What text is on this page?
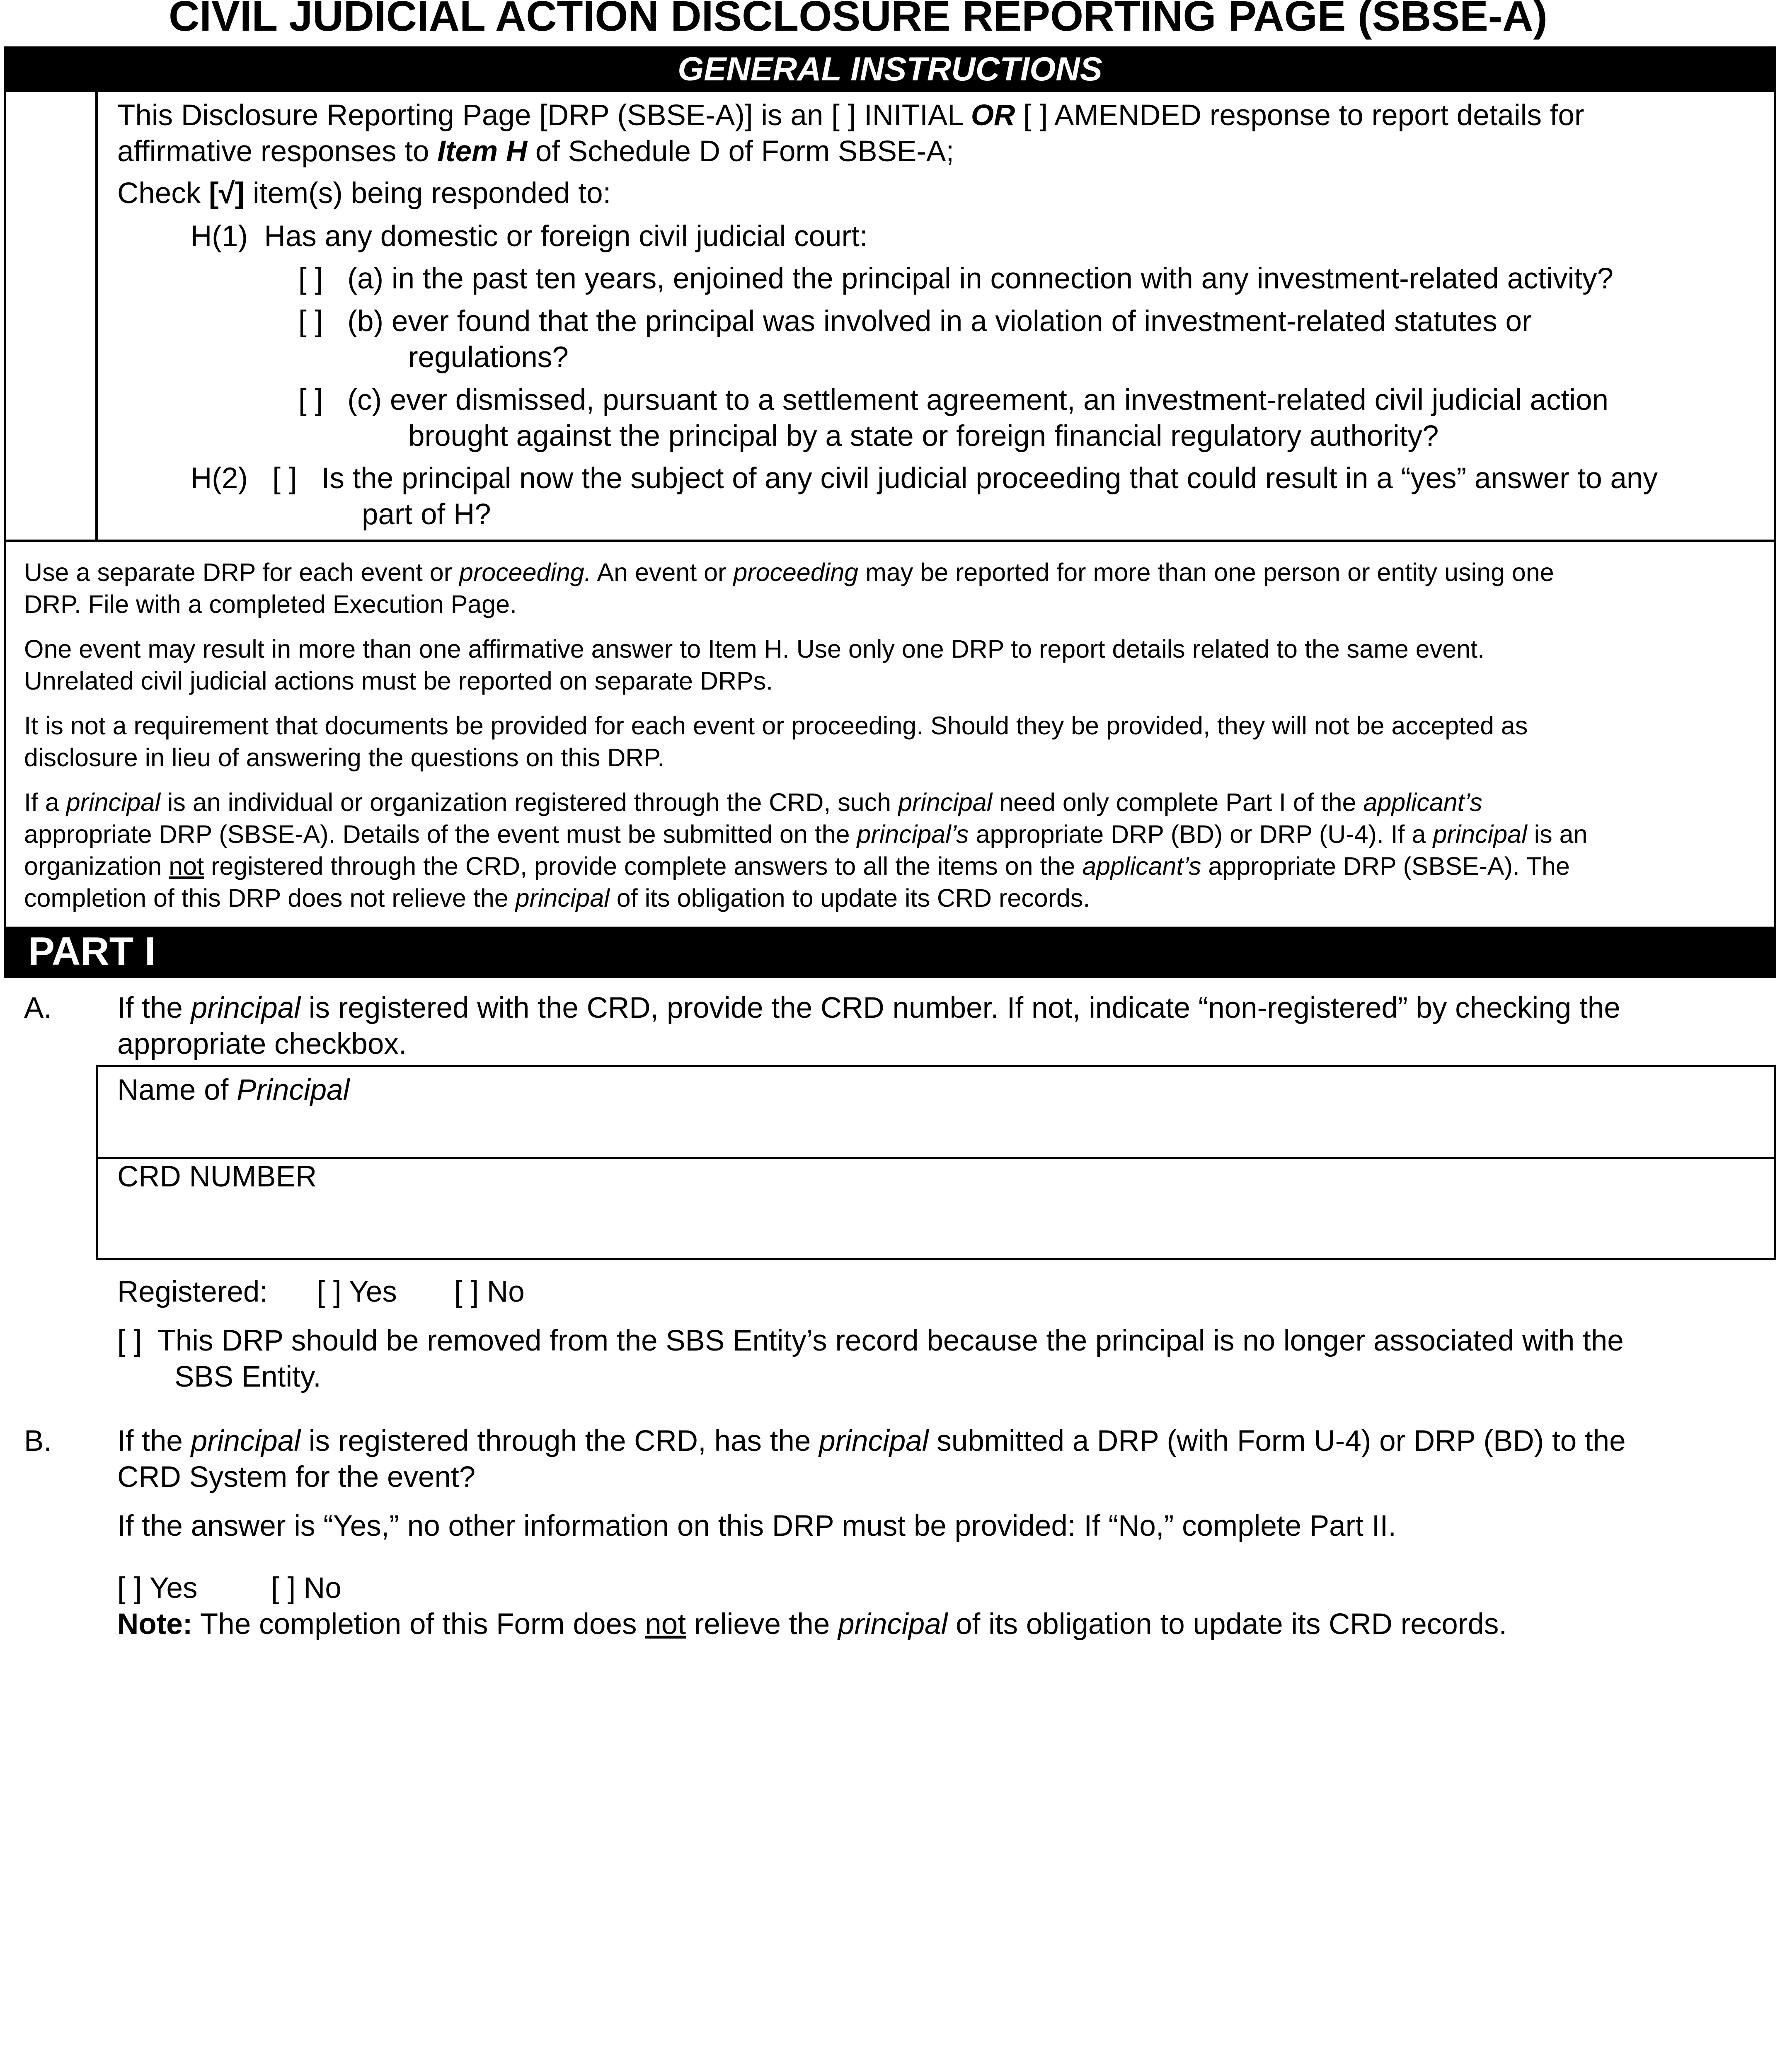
CIVIL JUDICIAL ACTION DISCLOSURE REPORTING PAGE (SBSE-A)
GENERAL INSTRUCTIONS
This Disclosure Reporting Page [DRP (SBSE-A)] is an [ ] INITIAL OR [ ] AMENDED response to report details for
affirmative responses to Item H of Schedule D of Form SBSE-A;
Check [√] item(s) being responded to:
H(1) Has any domestic or foreign civil judicial court:
[ ] (a) in the past ten years, enjoined the principal in connection with any investment-related activity?
[ ] (b) ever found that the principal was involved in a violation of investment-related statutes or
regulations?
[ ] (c) ever dismissed, pursuant to a settlement agreement, an investment-related civil judicial action
brought against the principal by a state or foreign financial regulatory authority?
H(2) [ ] Is the principal now the subject of any civil judicial proceeding that could result in a “yes” answer to any
part of H?
Use a separate DRP for each event or proceeding. An event or proceeding may be reported for more than one person or entity using one
DRP. File with a completed Execution Page.
One event may result in more than one affirmative answer to Item H. Use only one DRP to report details related to the same event.
Unrelated civil judicial actions must be reported on separate DRPs.
It is not a requirement that documents be provided for each event or proceeding. Should they be provided, they will not be accepted as
disclosure in lieu of answering the questions on this DRP.
If a principal is an individual or organization registered through the CRD, such principal need only complete Part I of the applicant’s
appropriate DRP (SBSE-A). Details of the event must be submitted on the principal’s appropriate DRP (BD) or DRP (U-4). If a principal is an
organization not registered through the CRD, provide complete answers to all the items on the applicant’s appropriate DRP (SBSE-A). The
completion of this DRP does not relieve the principal of its obligation to update its CRD records.
PART I
A. If the principal is registered with the CRD, provide the CRD number. If not, indicate “non-registered” by checking the
appropriate checkbox.
Name of Principal
CRD NUMBER
Registered: [ ] Yes [ ] No
[ ] This DRP should be removed from the SBS Entity’s record because the principal is no longer associated with the
SBS Entity.
B. If the principal is registered through the CRD, has the principal submitted a DRP (with Form U-4) or DRP (BD) to the
CRD System for the event?
If the answer is “Yes,” no other information on this DRP must be provided: If “No,” complete Part II.
[ ] Yes	[ ] No
Note: The completion of this Form does not relieve the principal of its obligation to update its CRD records.
